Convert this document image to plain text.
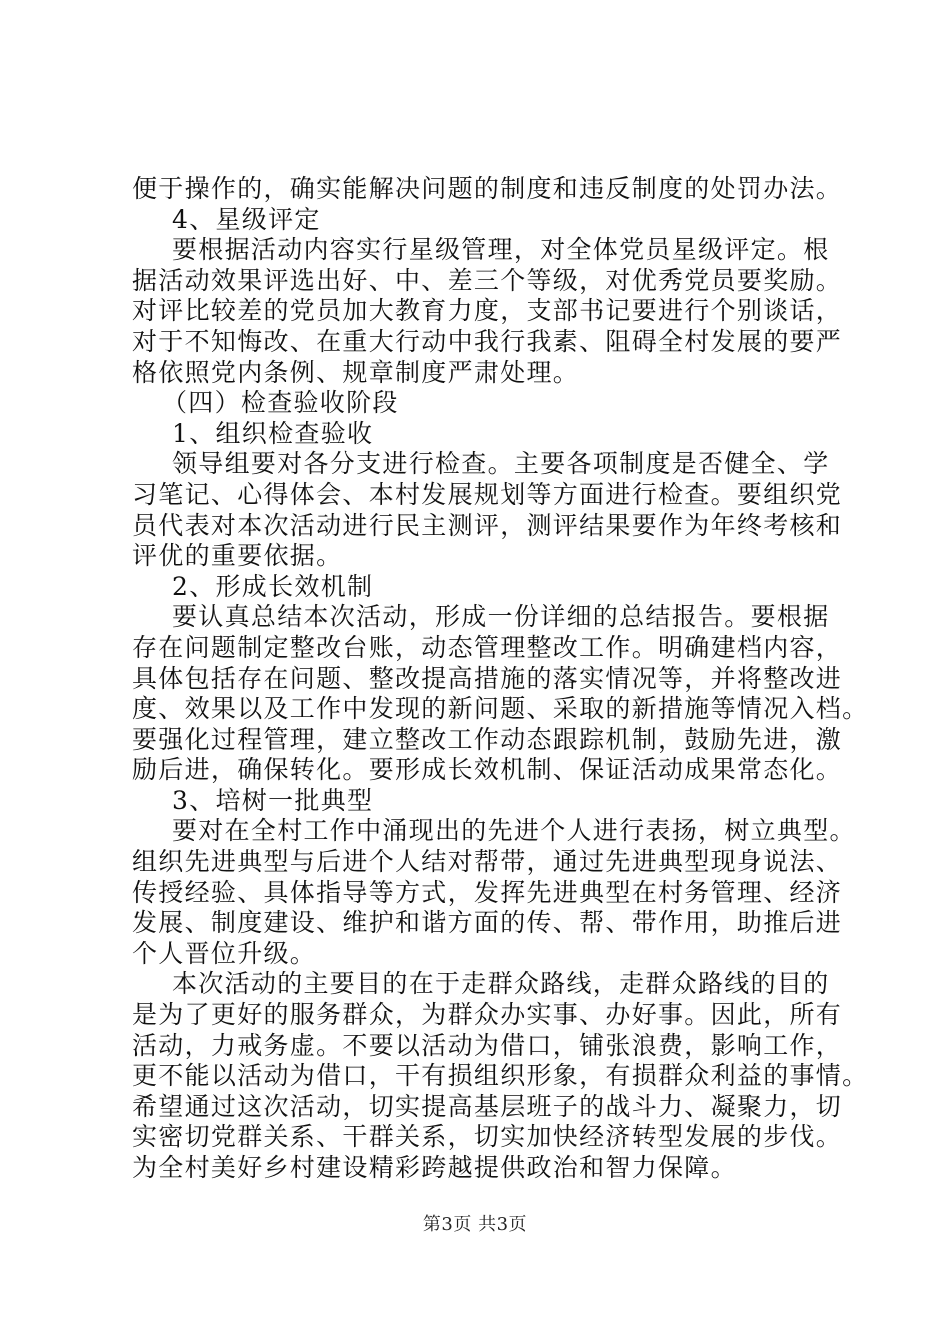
便于操作的，确实能解决问题的制度和违反制度的处罚办法。
4、星级评定
要根据活动内容实行星级管理，对全体党员星级评定。根
据活动效果评选出好、中、差三个等级，对优秀党员要奖励。
对评比较差的党员加大教育力度，支部书记要进行个别谈话，
对于不知悔改、在重大行动中我行我素、阻碍全村发展的要严
格依照党内条例、规章制度严肃处理。
（四）检查验收阶段
1、组织检查验收
领导组要对各分支进行检查。主要各项制度是否健全、学
习笔记、心得体会、本村发展规划等方面进行检查。要组织党
员代表对本次活动进行民主测评，测评结果要作为年终考核和
评优的重要依据。
2、形成长效机制
要认真总结本次活动，形成一份详细的总结报告。要根据
存在问题制定整改台账，动态管理整改工作。明确建档内容，
具体包括存在问题、整改提高措施的落实情况等，并将整改进
度、效果以及工作中发现的新问题、采取的新措施等情况入档。
要强化过程管理，建立整改工作动态跟踪机制，鼓励先进，激
励后进，确保转化。要形成长效机制、保证活动成果常态化。
3、培树一批典型
要对在全村工作中涌现出的先进个人进行表扬，树立典型。
组织先进典型与后进个人结对帮带，通过先进典型现身说法、
传授经验、具体指导等方式，发挥先进典型在村务管理、经济
发展、制度建设、维护和谐方面的传、帮、带作用，助推后进
个人晋位升级。
本次活动的主要目的在于走群众路线，走群众路线的目的
是为了更好的服务群众，为群众办实事、办好事。因此，所有
活动，力戒务虚。不要以活动为借口，铺张浪费，影响工作，
更不能以活动为借口，干有损组织形象，有损群众利益的事情。
希望通过这次活动，切实提高基层班子的战斗力、凝聚力，切
实密切党群关系、干群关系，切实加快经济转型发展的步伐。
为全村美好乡村建设精彩跨越提供政治和智力保障。
第3页 共3页
